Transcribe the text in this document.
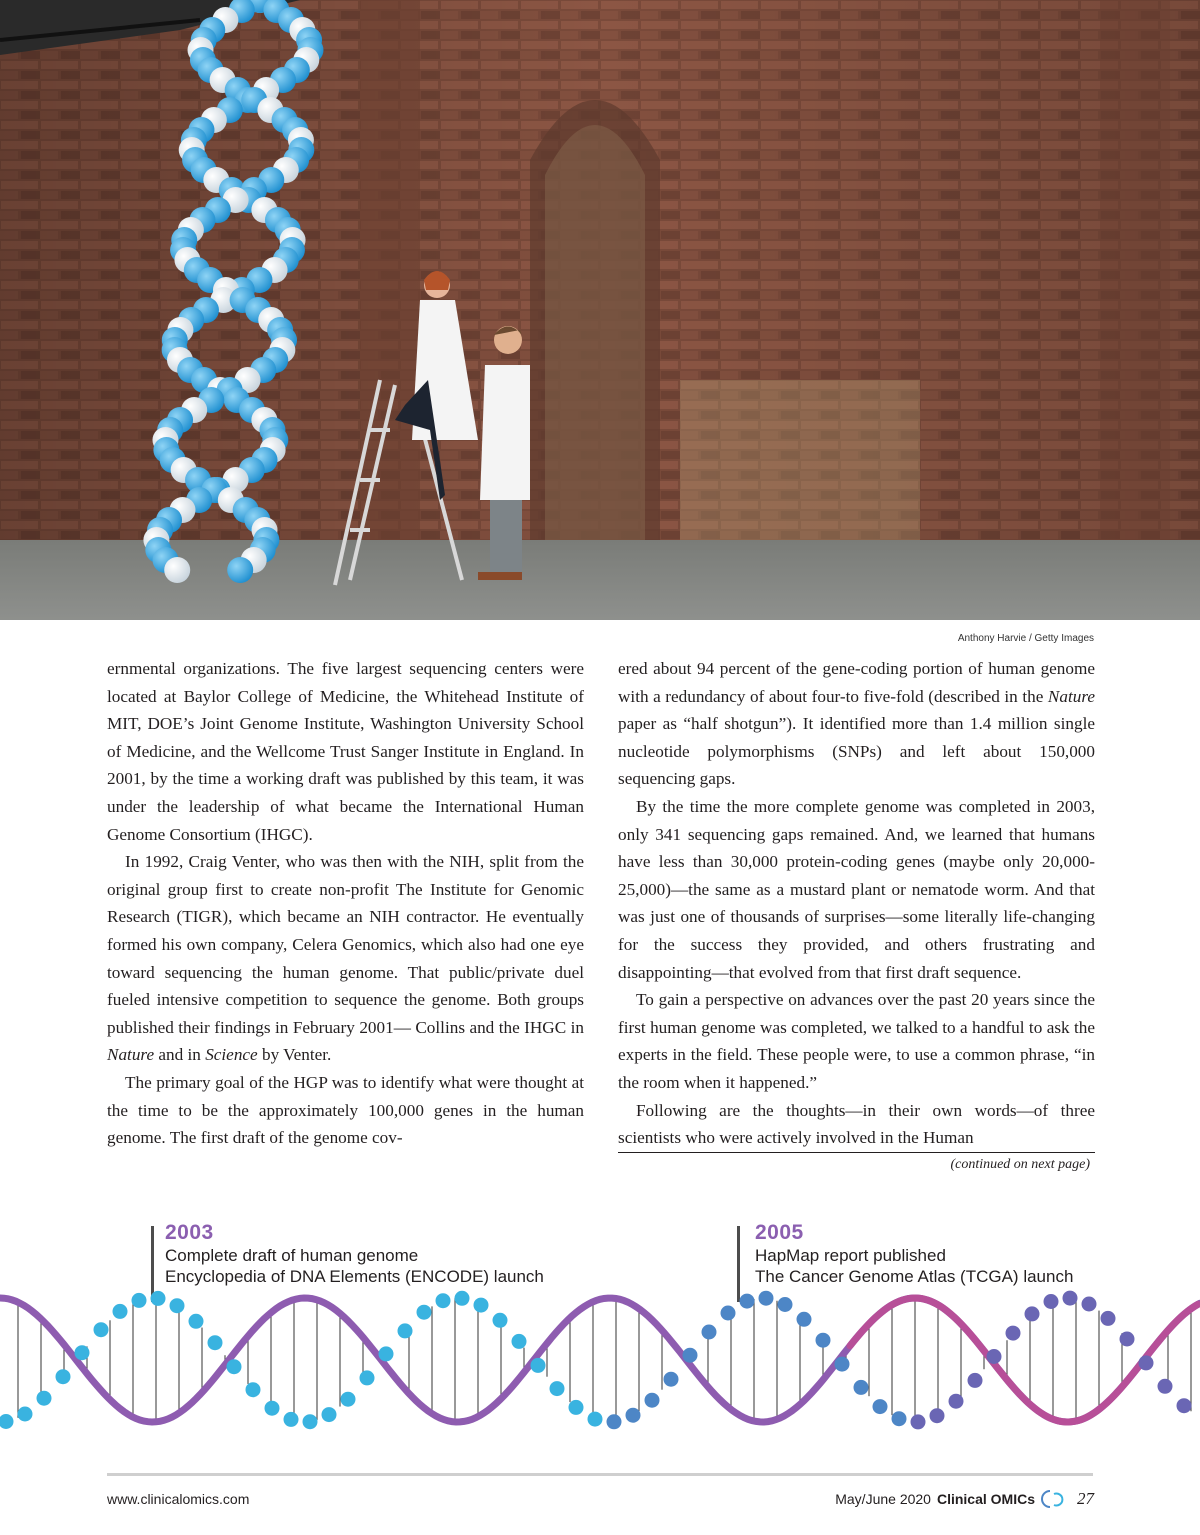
Anthony Harvie / Getty Images

ernmental organizations. The five largest sequencing centers were located at Baylor College of Medicine, the Whitehead Institute of MIT, DOE’s Joint Genome Institute, Washington University School of Medicine, and the Wellcome Trust Sanger Institute in England. In 2001, by the time a working draft was published by this team, it was under the leadership of what became the International Human Genome Consortium (IHGC).

In 1992, Craig Venter, who was then with the NIH, split from the original group first to create non-profit The Institute for Genomic Research (TIGR), which became an NIH contractor. He eventually formed his own company, Celera Genomics, which also had one eye toward sequencing the human genome. That public/private duel fueled intensive competition to sequence the genome. Both groups published their findings in February 2001— Collins and the IHGC in Nature and in Science by Venter.

The primary goal of the HGP was to identify what were thought at the time to be the approximately 100,000 genes in the human genome. The first draft of the genome cov-

ered about 94 percent of the gene-coding portion of human genome with a redundancy of about four-to five-fold (described in the Nature paper as “half shotgun”). It identified more than 1.4 million single nucleotide polymorphisms (SNPs) and left about 150,000 sequencing gaps.

By the time the more complete genome was completed in 2003, only 341 sequencing gaps remained. And, we learned that humans have less than 30,000 protein-coding genes (maybe only 20,000-25,000)—the same as a mustard plant or nematode worm. And that was just one of thousands of surprises—some literally life-changing for the success they provided, and others frustrating and disappointing—that evolved from that first draft sequence.

To gain a perspective on advances over the past 20 years since the first human genome was completed, we talked to a handful to ask the experts in the field. These people were, to use a common phrase, “in the room when it happened.”

Following are the thoughts—in their own words—of three scientists who were actively involved in the Human

(continued on next page)
2003
Complete draft of human genome
Encyclopedia of DNA Elements (ENCODE) launch
2005
HapMap report published
The Cancer Genome Atlas (TCGA) launch
www.clinicalomics.com	May/June 2020 Clinical OMICs 27
